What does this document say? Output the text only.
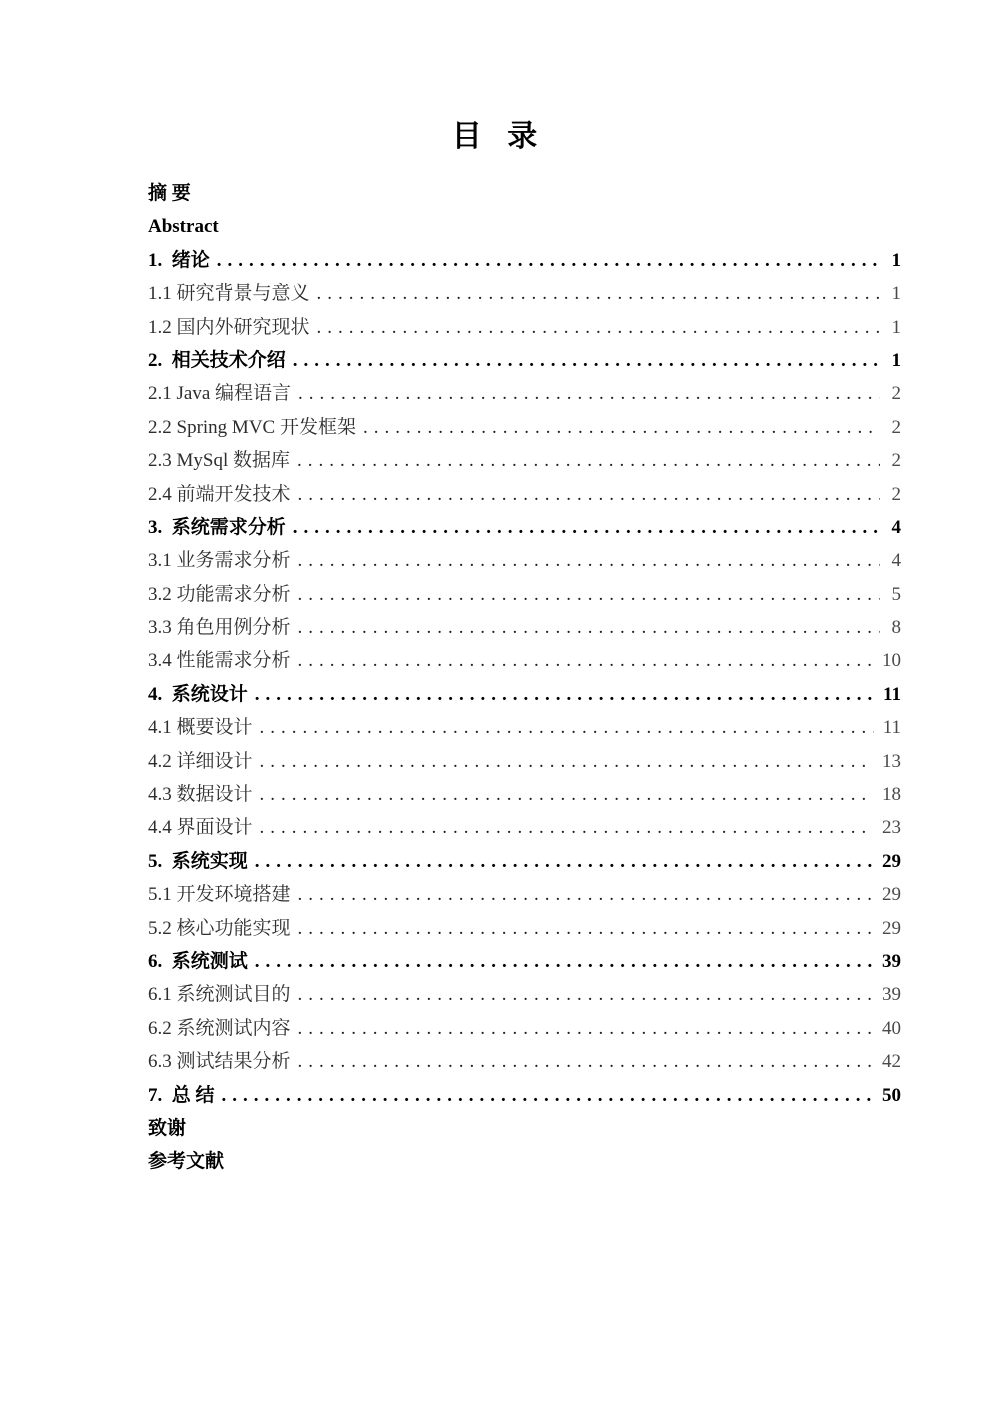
目 录
摘 要
Abstract
1.  绪论 .....	1
1.1 研究背景与意义 .....	1
1.2 国内外研究现状 .....	1
2.  相关技术介绍 .....	1
2.1 Java 编程语言 .....	2
2.2 Spring MVC 开发框架 .....	2
2.3 MySql 数据库 .....	2
2.4 前端开发技术 .....	2
3.  系统需求分析 .....	4
3.1 业务需求分析 .....	4
3.2 功能需求分析 .....	5
3.3 角色用例分析 .....	8
3.4 性能需求分析 .....	10
4.  系统设计 .....	11
4.1 概要设计 .....	11
4.2 详细设计 .....	13
4.3 数据设计 .....	18
4.4 界面设计 .....	23
5.  系统实现 .....	29
5.1 开发环境搭建 .....	29
5.2 核心功能实现 .....	29
6.  系统测试 .....	39
6.1 系统测试目的 .....	39
6.2 系统测试内容 .....	40
6.3 测试结果分析 .....	42
7.  总 结 .....	50
致谢
参考文献
